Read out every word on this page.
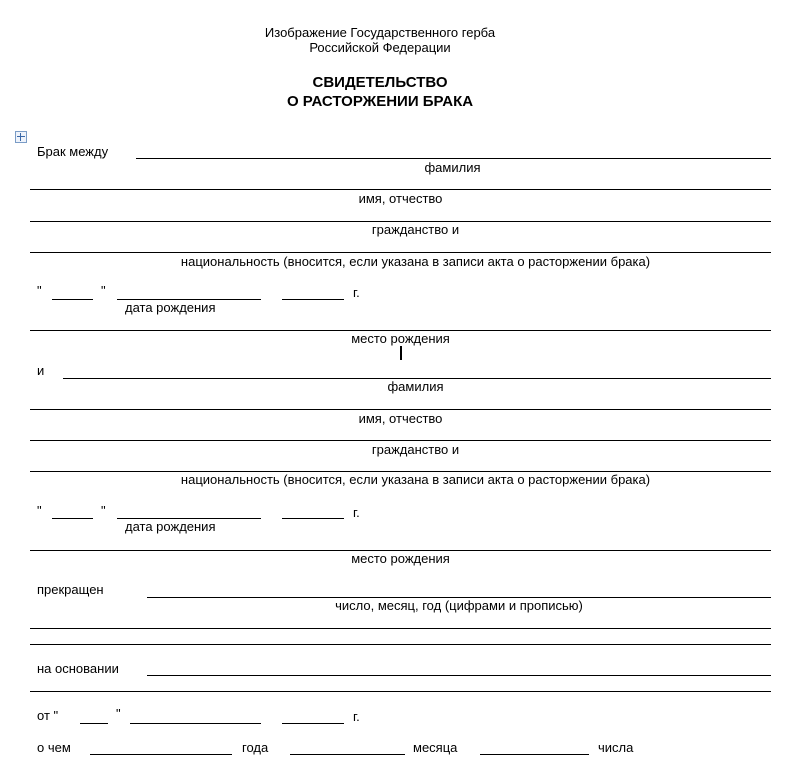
Изображение Государственного герба
Российской Федерации
СВИДЕТЕЛЬСТВО
О РАСТОРЖЕНИИ БРАКА
Брак между
фамилия
имя, отчество
гражданство и
национальность (вносится, если указана в записи акта о расторжении брака)
"	"	г.
дата рождения
место рождения
и
фамилия
имя, отчество
гражданство и
национальность (вносится, если указана в записи акта о расторжении брака)
"	"	г.
дата рождения
место рождения
прекращен
число, месяц, год (цифрами и прописью)
на основании
от "	"	г.
о чем	года	месяца	числа
